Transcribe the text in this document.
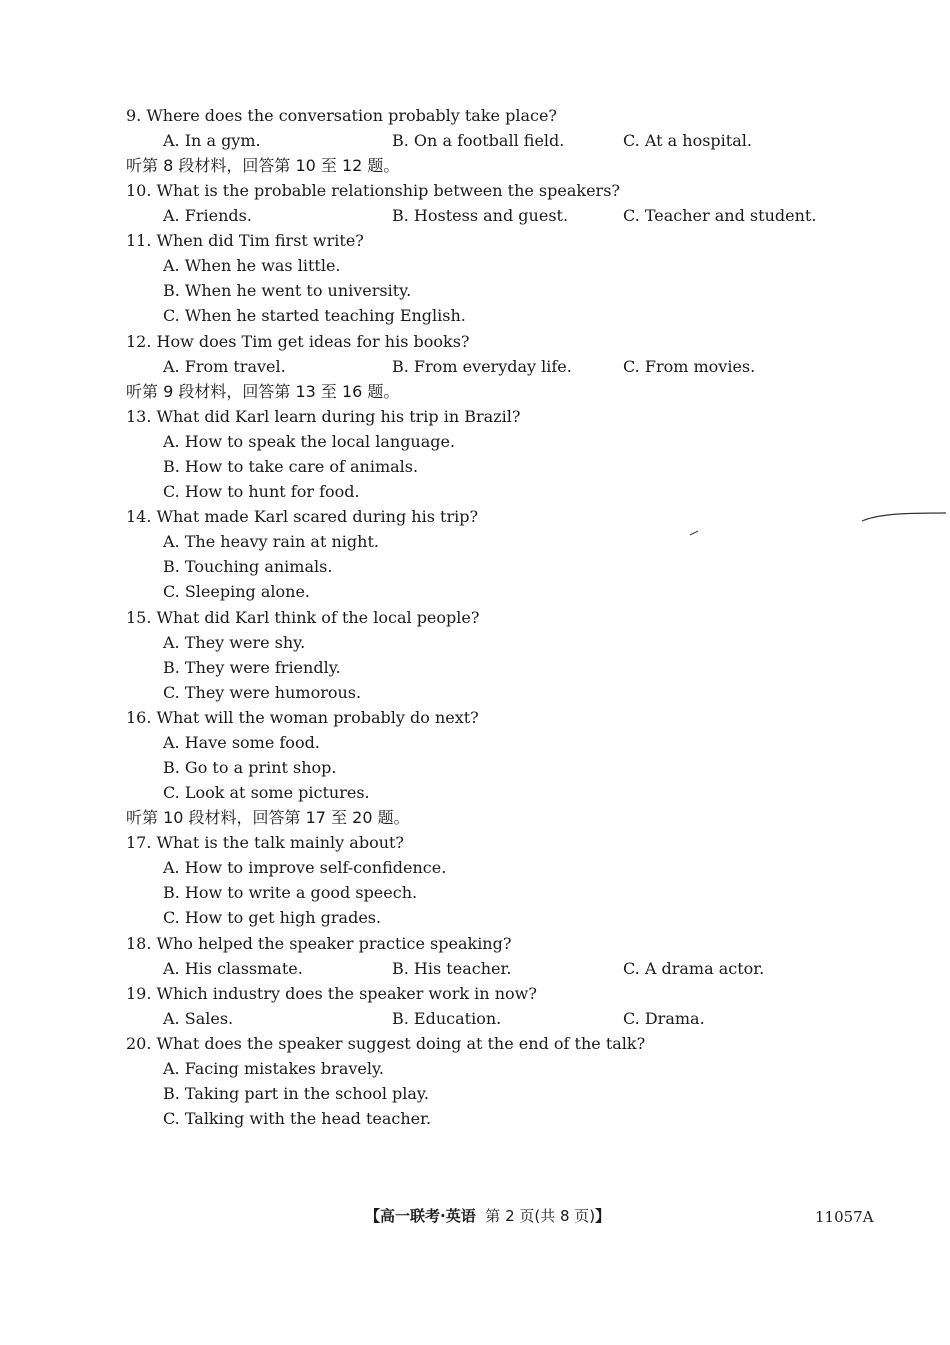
9. Where does the conversation probably take place?
A. In a gym.	B. On a football field.	C. At a hospital.
听第 8 段材料，回答第 10 至 12 题。
10. What is the probable relationship between the speakers?
A. Friends.	B. Hostess and guest.	C. Teacher and student.
11. When did Tim first write?
A. When he was little.
B. When he went to university.
C. When he started teaching English.
12. How does Tim get ideas for his books?
A. From travel.	B. From everyday life.	C. From movies.
听第 9 段材料，回答第 13 至 16 题。
13. What did Karl learn during his trip in Brazil?
A. How to speak the local language.
B. How to take care of animals.
C. How to hunt for food.
14. What made Karl scared during his trip?
A. The heavy rain at night.
B. Touching animals.
C. Sleeping alone.
15. What did Karl think of the local people?
A. They were shy.
B. They were friendly.
C. They were humorous.
16. What will the woman probably do next?
A. Have some food.
B. Go to a print shop.
C. Look at some pictures.
听第 10 段材料，回答第 17 至 20 题。
17. What is the talk mainly about?
A. How to improve self-confidence.
B. How to write a good speech.
C. How to get high grades.
18. Who helped the speaker practice speaking?
A. His classmate.	B. His teacher.	C. A drama actor.
19. Which industry does the speaker work in now?
A. Sales.	B. Education.	C. Drama.
20. What does the speaker suggest doing at the end of the talk?
A. Facing mistakes bravely.
B. Taking part in the school play.
C. Talking with the head teacher.
【高一联考·英语 第 2 页(共 8 页)】	11057A
